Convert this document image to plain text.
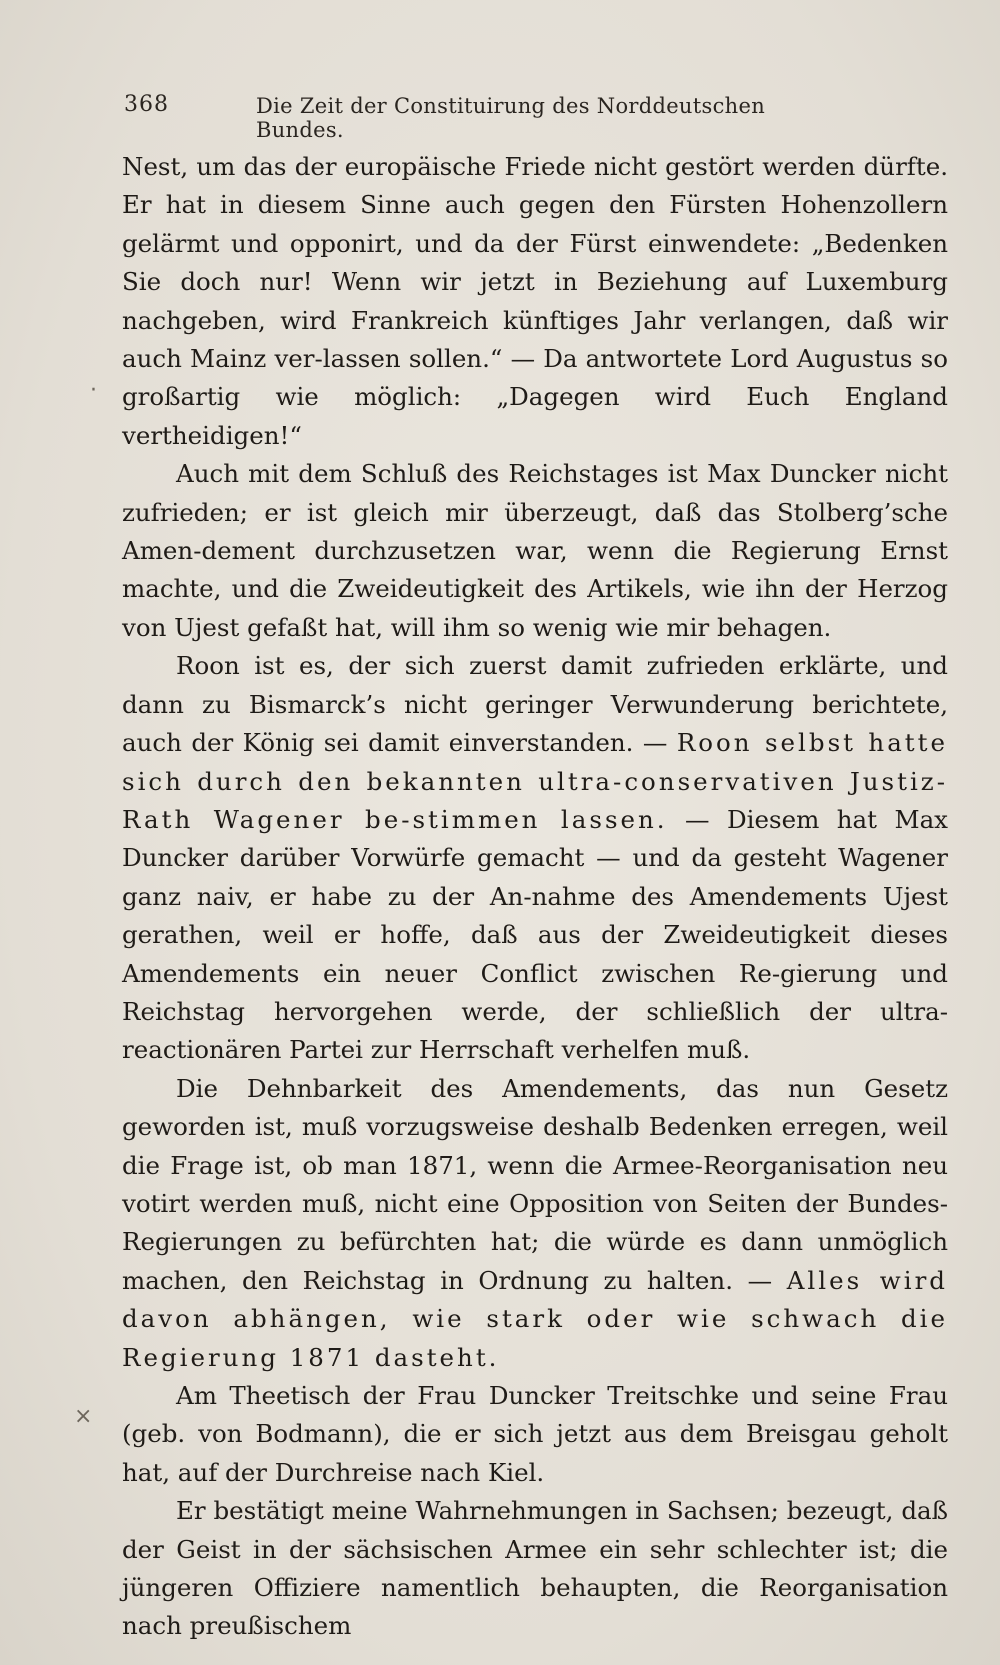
368	Die Zeit der Constituirung des Norddeutschen Bundes.

Nest, um das der europäische Friede nicht gestört werden dürfte. Er hat in diesem Sinne auch gegen den Fürsten Hohenzollern gelärmt und opponirt, und da der Fürst einwendete: „Bedenken Sie doch nur! Wenn wir jetzt in Beziehung auf Luxemburg nachgeben, wird Frankreich künftiges Jahr verlangen, daß wir auch Mainz ver-lassen sollen.“ — Da antwortete Lord Augustus so großartig wie möglich: „Dagegen wird Euch England vertheidigen!“

Auch mit dem Schluß des Reichstages ist Max Duncker nicht zufrieden; er ist gleich mir überzeugt, daß das Stolberg’sche Amen-dement durchzusetzen war, wenn die Regierung Ernst machte, und die Zweideutigkeit des Artikels, wie ihn der Herzog von Ujest gefaßt hat, will ihm so wenig wie mir behagen.

Roon ist es, der sich zuerst damit zufrieden erklärte, und dann zu Bismarck’s nicht geringer Verwunderung berichtete, auch der König sei damit einverstanden. — Roon selbst hatte sich durch den bekannten ultra-conservativen Justiz-Rath Wagener be-stimmen lassen. — Diesem hat Max Duncker darüber Vorwürfe gemacht — und da gesteht Wagener ganz naiv, er habe zu der An-nahme des Amendements Ujest gerathen, weil er hoffe, daß aus der Zweideutigkeit dieses Amendements ein neuer Conflict zwischen Re-gierung und Reichstag hervorgehen werde, der schließlich der ultra-reactionären Partei zur Herrschaft verhelfen muß.

Die Dehnbarkeit des Amendements, das nun Gesetz geworden ist, muß vorzugsweise deshalb Bedenken erregen, weil die Frage ist, ob man 1871, wenn die Armee-Reorganisation neu votirt werden muß, nicht eine Opposition von Seiten der Bundes-Regierungen zu befürchten hat; die würde es dann unmöglich machen, den Reichstag in Ordnung zu halten. — Alles wird davon abhängen, wie stark oder wie schwach die Regierung 1871 dasteht.

Am Theetisch der Frau Duncker Treitschke und seine Frau (geb. von Bodmann), die er sich jetzt aus dem Breisgau geholt hat, auf der Durchreise nach Kiel.

Er bestätigt meine Wahrnehmungen in Sachsen; bezeugt, daß der Geist in der sächsischen Armee ein sehr schlechter ist; die jüngeren Offiziere namentlich behaupten, die Reorganisation nach preußischem

·
×
